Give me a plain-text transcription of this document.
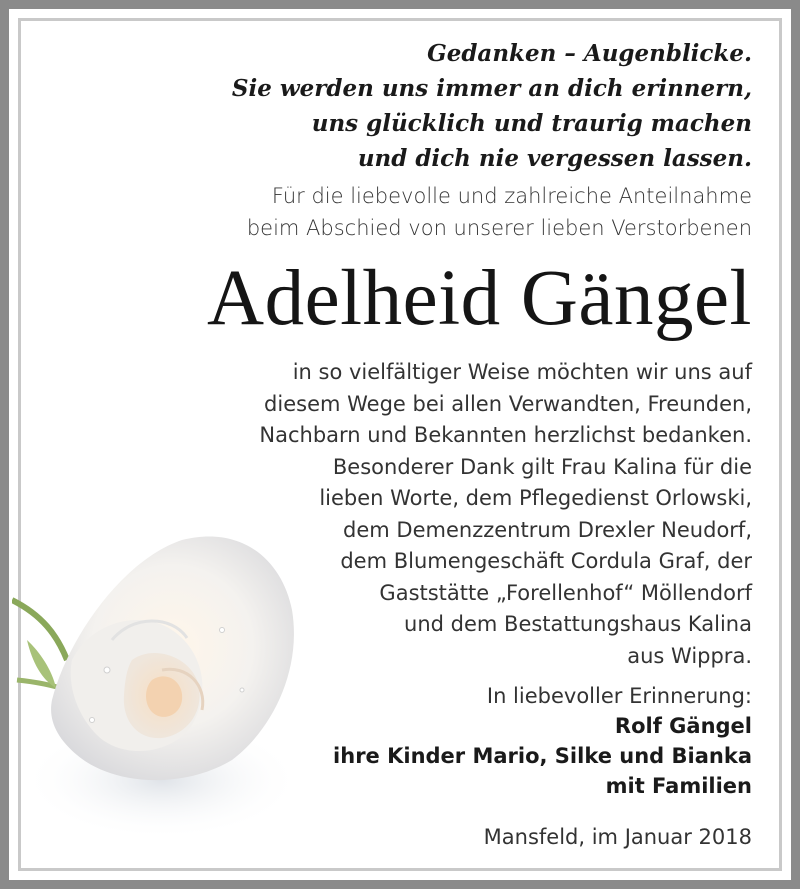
Gedanken – Augenblicke.
Sie werden uns immer an dich erinnern,
uns glücklich und traurig machen
und dich nie vergessen lassen.
Für die liebevolle und zahlreiche Anteilnahme
beim Abschied von unserer lieben Verstorbenen
Adelheid Gängel
in so vielfältiger Weise möchten wir uns auf
diesem Wege bei allen Verwandten, Freunden,
Nachbarn und Bekannten herzlichst bedanken.
Besonderer Dank gilt Frau Kalina für die
lieben Worte, dem Pflegedienst Orlowski,
dem Demenzzentrum Drexler Neudorf,
dem Blumengeschäft Cordula Graf, der
Gaststätte „Forellenhof“ Möllendorf
und dem Bestattungshaus Kalina
aus Wippra.
In liebevoller Erinnerung:
Rolf Gängel
ihre Kinder Mario, Silke und Bianka
mit Familien
Mansfeld, im Januar 2018
